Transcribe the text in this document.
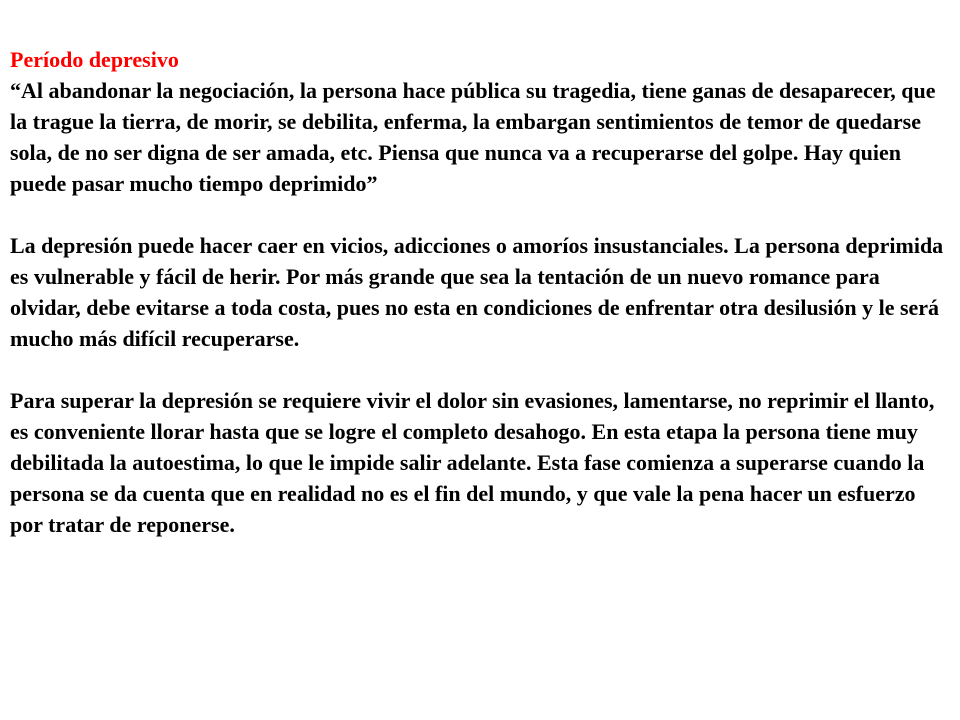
Período depresivo

“Al abandonar la negociación, la persona hace pública su tragedia, tiene ganas de desaparecer, que la trague la tierra, de morir, se debilita, enferma, la embargan sentimientos de temor de quedarse sola, de no ser digna de ser amada, etc. Piensa que nunca va a recuperarse del golpe. Hay quien puede pasar mucho tiempo deprimido”

La depresión puede hacer caer en vicios, adicciones o amoríos insustanciales. La persona deprimida es vulnerable y fácil de herir. Por más grande que sea la tentación de un nuevo romance para olvidar, debe evitarse a toda costa, pues no esta en condiciones de enfrentar otra desilusión y le será mucho más difícil recuperarse.

Para superar la depresión se requiere vivir el dolor sin evasiones, lamentarse, no reprimir el llanto, es conveniente llorar hasta que se logre el completo desahogo. En esta etapa la persona tiene muy debilitada la autoestima, lo que le impide salir adelante. Esta fase comienza a superarse cuando la persona se da cuenta que en realidad no es el fin del mundo, y que vale la pena hacer un esfuerzo por tratar de reponerse.
